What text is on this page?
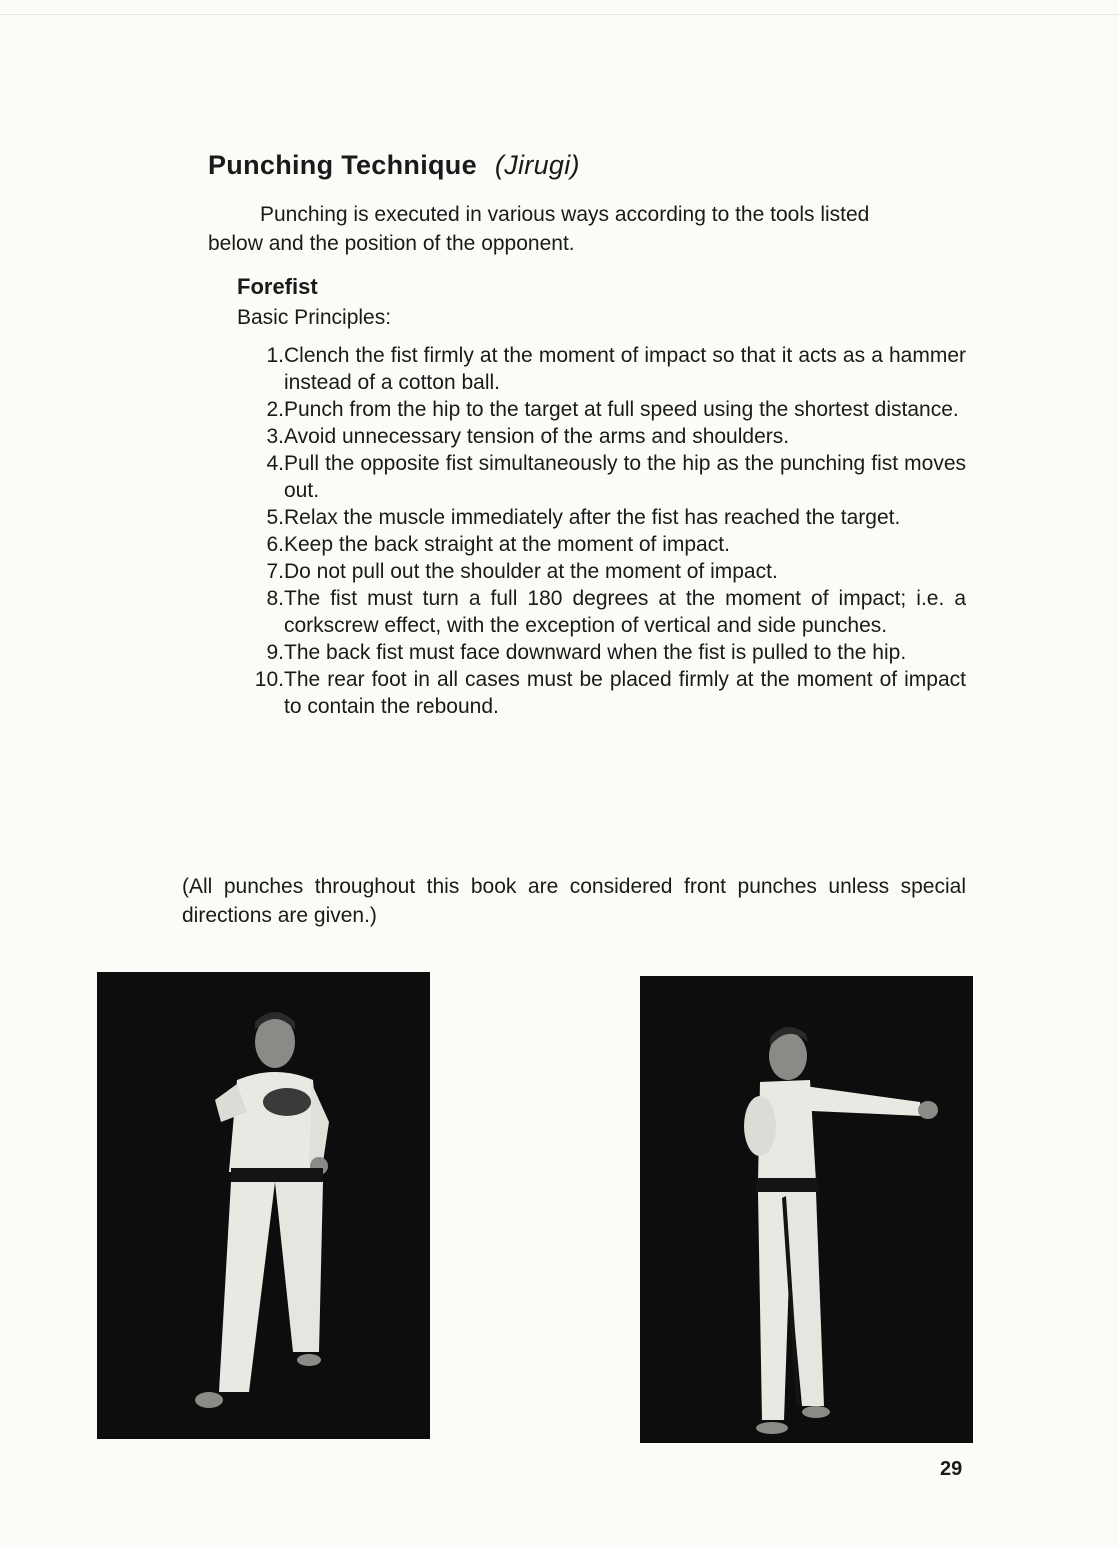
Punching Technique (Jirugi)

Punching is executed in various ways according to the tools listed below and the position of the opponent.

Forefist
Basic Principles:
1. Clench the fist firmly at the moment of impact so that it acts as a hammer instead of a cotton ball.
2. Punch from the hip to the target at full speed using the shortest distance.
3. Avoid unnecessary tension of the arms and shoulders.
4. Pull the opposite fist simultaneously to the hip as the punching fist moves out.
5. Relax the muscle immediately after the fist has reached the target.
6. Keep the back straight at the moment of impact.
7. Do not pull out the shoulder at the moment of impact.
8. The fist must turn a full 180 degrees at the moment of impact; i.e. a corkscrew effect, with the exception of vertical and side punches.
9. The back fist must face downward when the fist is pulled to the hip.
10. The rear foot in all cases must be placed firmly at the moment of impact to contain the rebound.

(All punches throughout this book are considered front punches unless special directions are given.)

29
